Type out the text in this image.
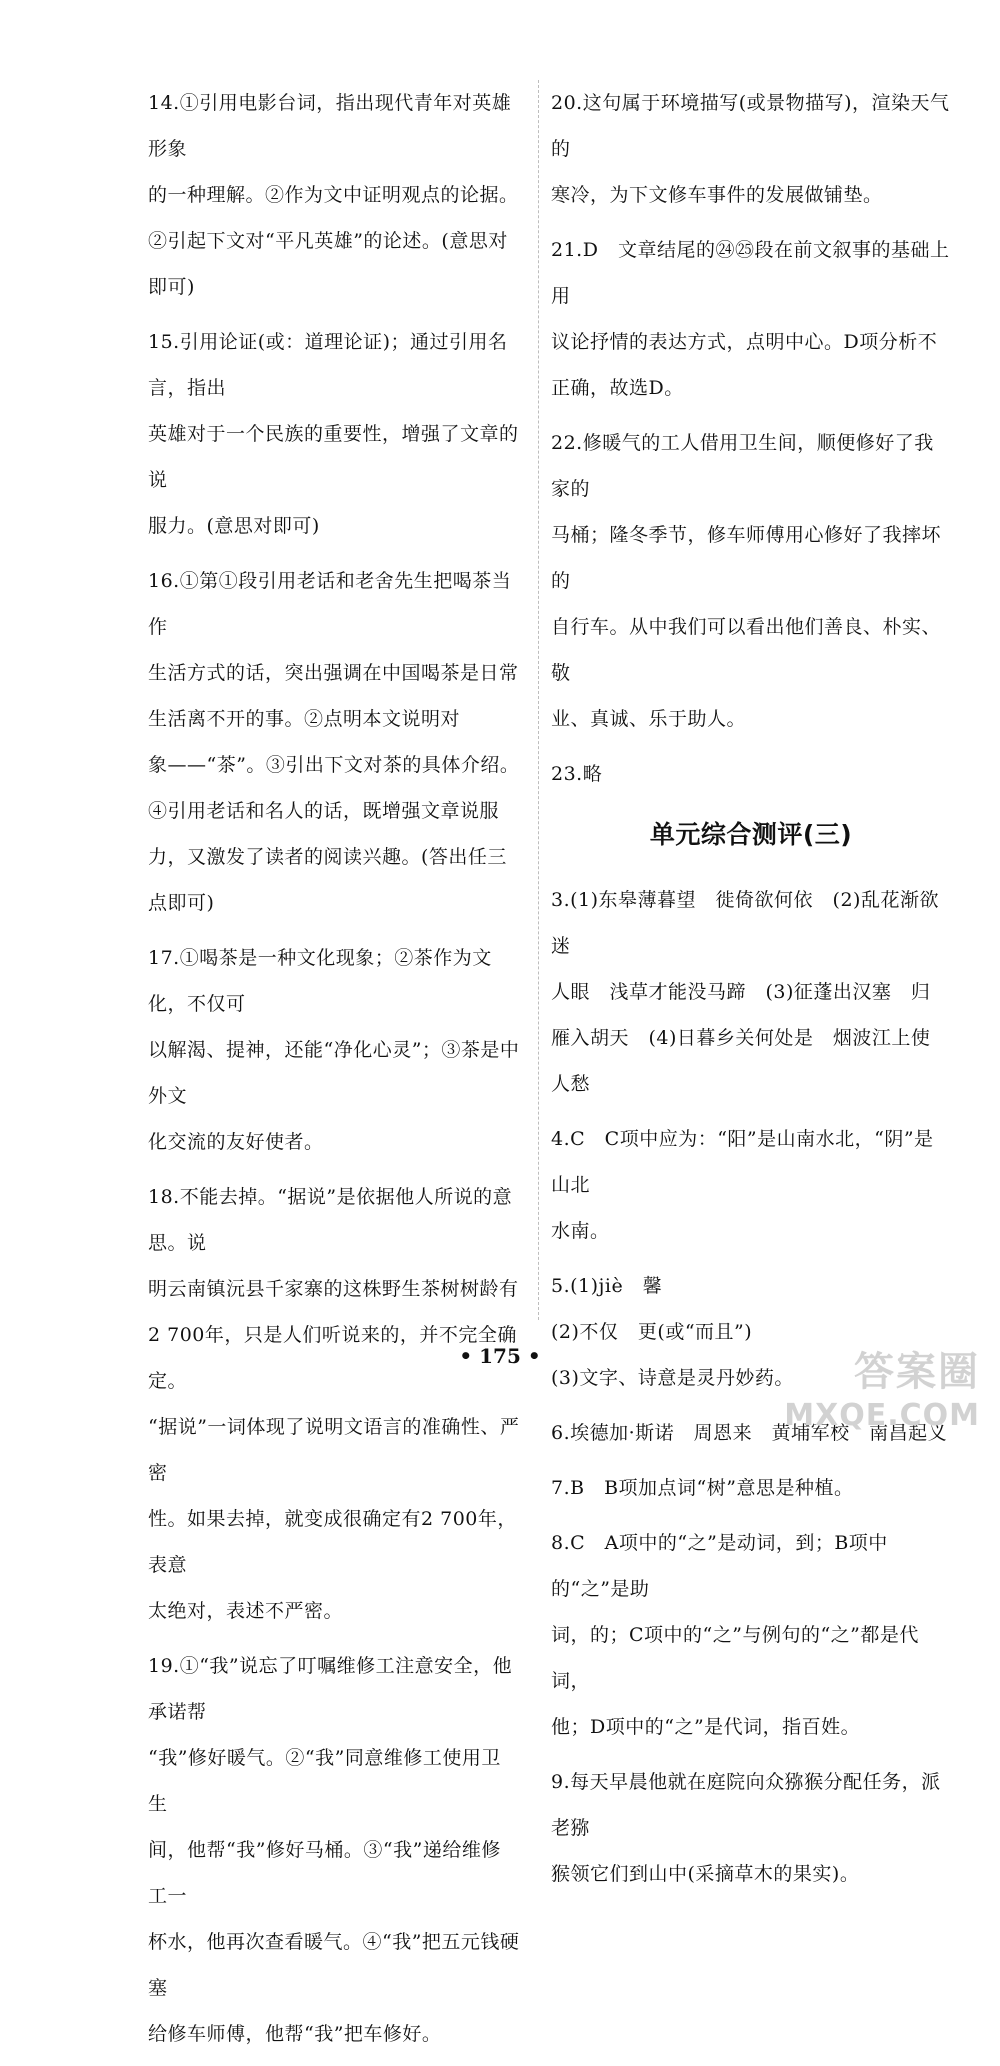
14.①引用电影台词，指出现代青年对英雄形象

的一种理解。②作为文中证明观点的论据。

②引起下文对“平凡英雄”的论述。(意思对

即可)

15.引用论证(或：道理论证)；通过引用名言，指出

英雄对于一个民族的重要性，增强了文章的说

服力。(意思对即可)

16.①第①段引用老话和老舍先生把喝茶当作

生活方式的话，突出强调在中国喝茶是日常

生活离不开的事。②点明本文说明对

象——“茶”。③引出下文对茶的具体介绍。

④引用老话和名人的话，既增强文章说服

力，又激发了读者的阅读兴趣。(答出任三

点即可)

17.①喝茶是一种文化现象；②茶作为文化，不仅可

以解渴、提神，还能“净化心灵”；③茶是中外文

化交流的友好使者。

18.不能去掉。“据说”是依据他人所说的意思。说

明云南镇沅县千家寨的这株野生茶树树龄有

2 700年，只是人们听说来的，并不完全确定。

“据说”一词体现了说明文语言的准确性、严密

性。如果去掉，就变成很确定有2 700年，表意

太绝对，表述不严密。

19.①“我”说忘了叮嘱维修工注意安全，他承诺帮

“我”修好暖气。②“我”同意维修工使用卫生

间，他帮“我”修好马桶。③“我”递给维修工一

杯水，他再次查看暖气。④“我”把五元钱硬塞

给修车师傅，他帮“我”把车修好。

20.这句属于环境描写(或景物描写)，渲染天气的

寒冷，为下文修车事件的发展做铺垫。

21.D　文章结尾的㉔㉕段在前文叙事的基础上用

议论抒情的表达方式，点明中心。D项分析不

正确，故选D。

22.修暖气的工人借用卫生间，顺便修好了我家的

马桶；隆冬季节，修车师傅用心修好了我摔坏的

自行车。从中我们可以看出他们善良、朴实、敬

业、真诚、乐于助人。

23.略

单元综合测评(三)

3.(1)东皋薄暮望　徙倚欲何依　(2)乱花渐欲迷

人眼　浅草才能没马蹄　(3)征蓬出汉塞　归

雁入胡天　(4)日暮乡关何处是　烟波江上使

人愁

4.C　C项中应为：“阳”是山南水北，“阴”是山北

水南。

5.(1)jiè　馨

(2)不仅　更(或“而且”)

(3)文字、诗意是灵丹妙药。

6.埃德加·斯诺　周恩来　黄埔军校　南昌起义

7.B　B项加点词“树”意思是种植。

8.C　A项中的“之”是动词，到；B项中的“之”是助

词，的；C项中的“之”与例句的“之”都是代词，

他；D项中的“之”是代词，指百姓。

9.每天早晨他就在庭院向众猕猴分配任务，派老猕

猴领它们到山中(采摘草木的果实)。

• 175 •	答案圈
MXQE.COM
